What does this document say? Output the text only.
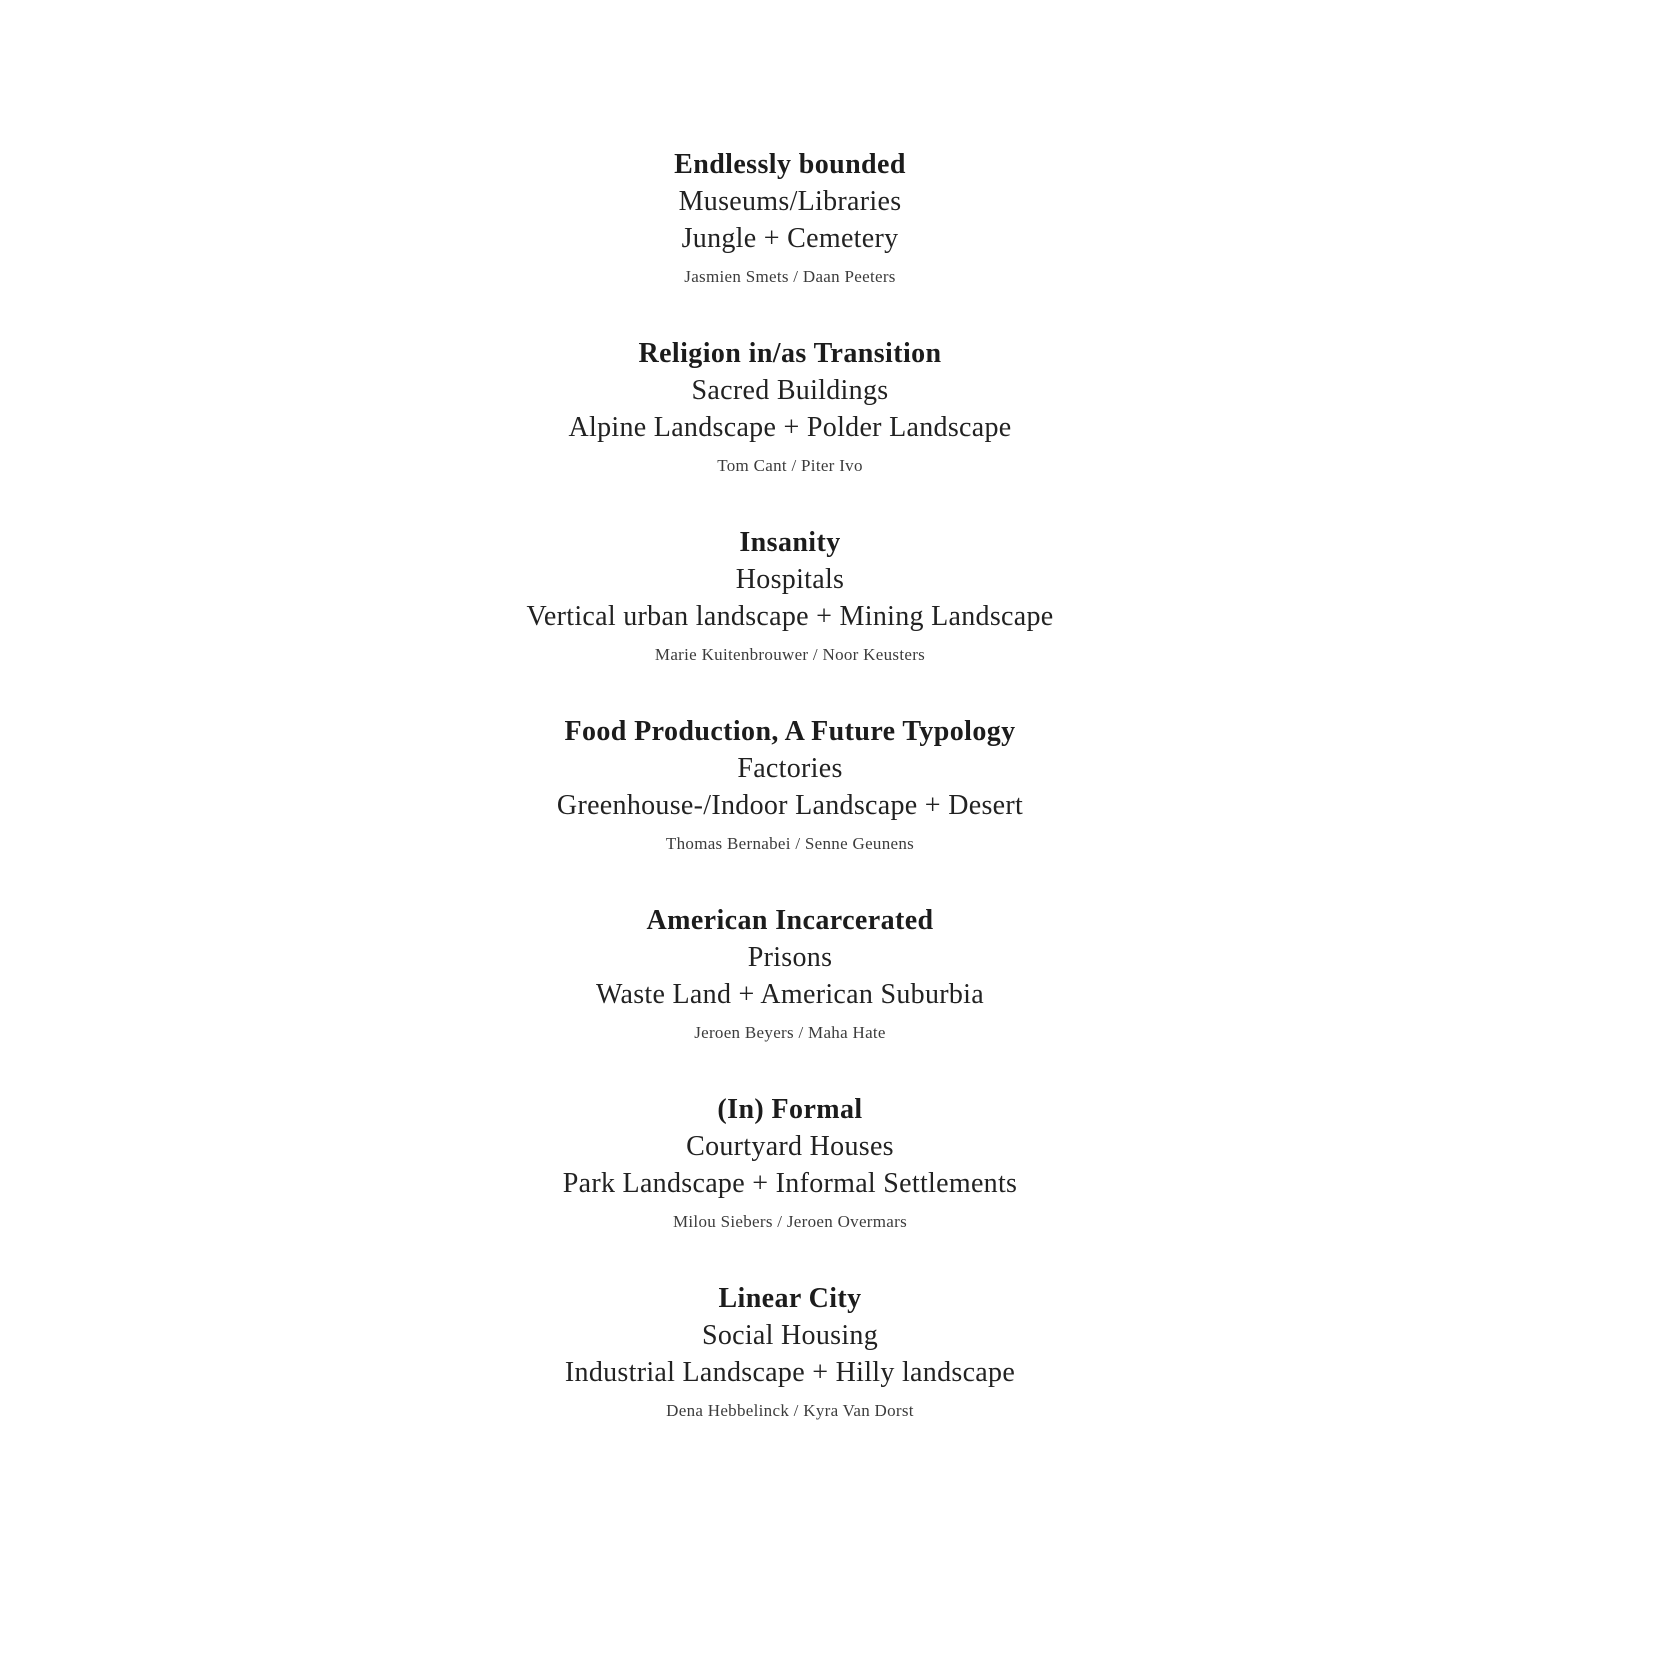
Endlessly bounded
Museums/Libraries
Jungle + Cemetery
Jasmien Smets / Daan Peeters
Religion in/as Transition
Sacred Buildings
Alpine Landscape + Polder Landscape
Tom Cant / Piter Ivo
Insanity
Hospitals
Vertical urban landscape + Mining Landscape
Marie Kuitenbrouwer / Noor Keusters
Food Production, A Future Typology
Factories
Greenhouse-/Indoor Landscape + Desert
Thomas Bernabei / Senne Geunens
American Incarcerated
Prisons
Waste Land + American Suburbia
Jeroen Beyers / Maha Hate
(In) Formal
Courtyard Houses
Park Landscape + Informal Settlements
Milou Siebers / Jeroen Overmars
Linear City
Social Housing
Industrial Landscape + Hilly landscape
Dena Hebbelinck / Kyra Van Dorst
